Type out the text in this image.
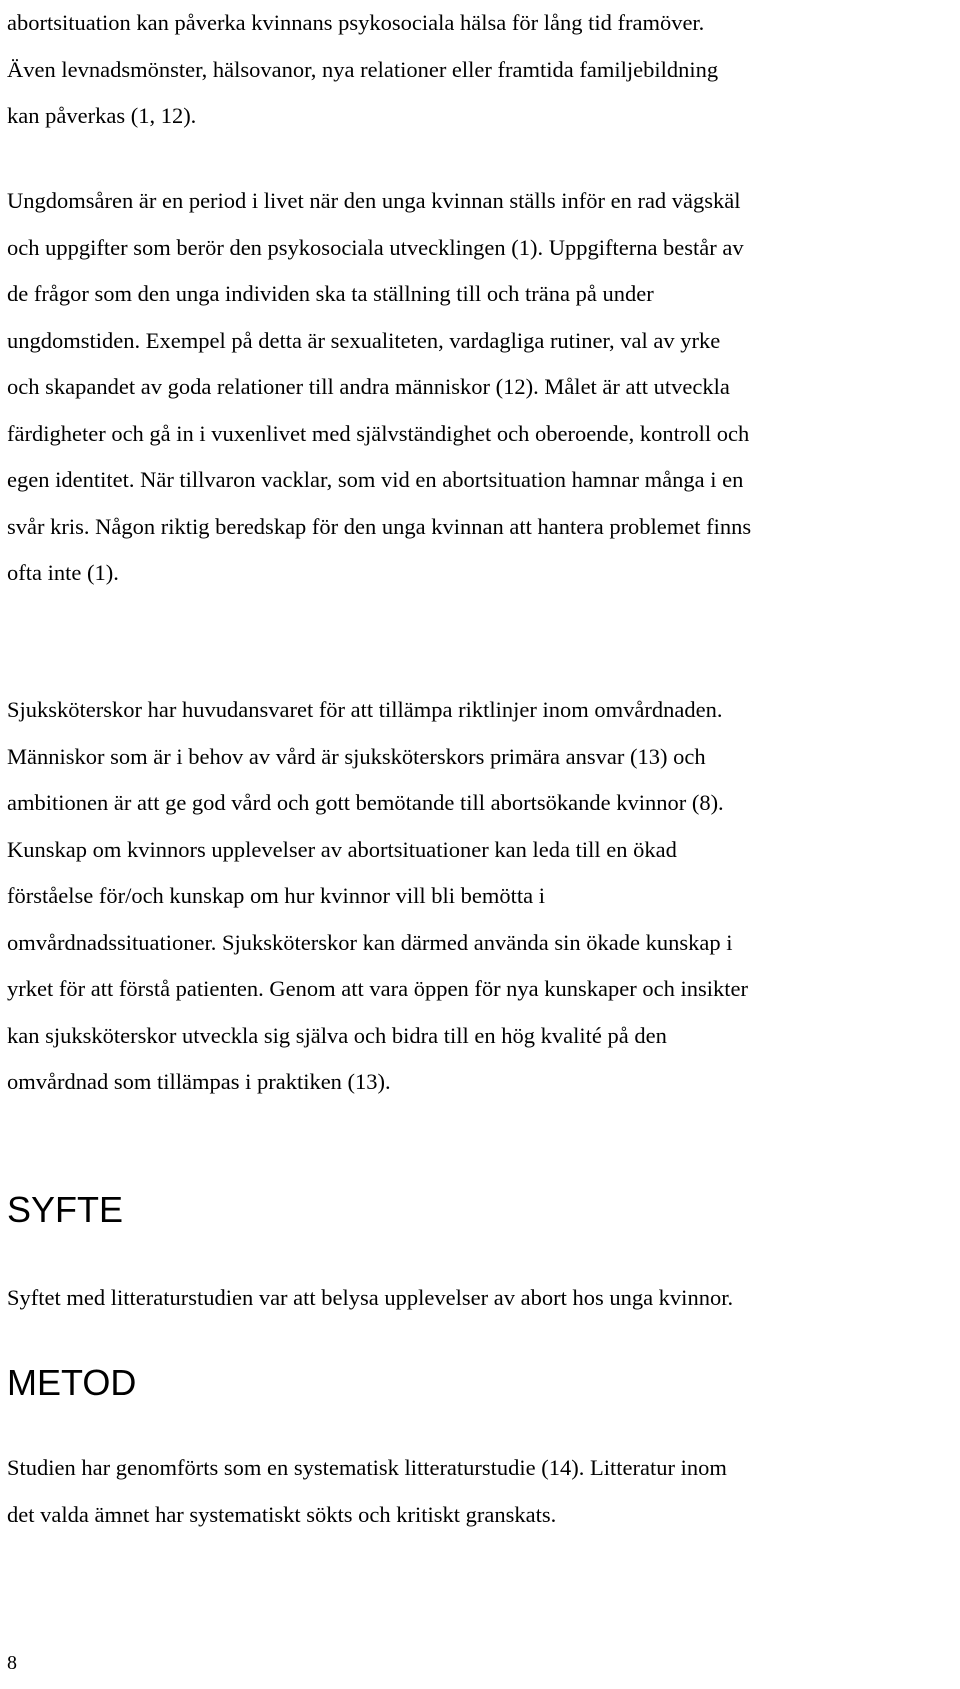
abortsituation kan påverka kvinnans psykosociala hälsa för lång tid framöver.
Även levnadsmönster, hälsovanor, nya relationer eller framtida familjebildning
kan påverkas (1, 12).

Ungdomsåren är en period i livet när den unga kvinnan ställs inför en rad vägskäl
och uppgifter som berör den psykosociala utvecklingen (1). Uppgifterna består av
de frågor som den unga individen ska ta ställning till och träna på under
ungdomstiden. Exempel på detta är sexualiteten, vardagliga rutiner, val av yrke
och skapandet av goda relationer till andra människor (12). Målet är att utveckla
färdigheter och gå in i vuxenlivet med självständighet och oberoende, kontroll och
egen identitet. När tillvaron vacklar, som vid en abortsituation hamnar många i en
svår kris. Någon riktig beredskap för den unga kvinnan att hantera problemet finns
ofta inte (1).

Sjuksköterskor har huvudansvaret för att tillämpa riktlinjer inom omvårdnaden.
Människor som är i behov av vård är sjuksköterskors primära ansvar (13) och
ambitionen är att ge god vård och gott bemötande till abortsökande kvinnor (8).
Kunskap om kvinnors upplevelser av abortsituationer kan leda till en ökad
förståelse för/och kunskap om hur kvinnor vill bli bemötta i
omvårdnadssituationer. Sjuksköterskor kan därmed använda sin ökade kunskap i
yrket för att förstå patienten. Genom att vara öppen för nya kunskaper och insikter
kan sjuksköterskor utveckla sig själva och bidra till en hög kvalité på den
omvårdnad som tillämpas i praktiken (13).

SYFTE

Syftet med litteraturstudien var att belysa upplevelser av abort hos unga kvinnor.

METOD

Studien har genomförts som en systematisk litteraturstudie (14). Litteratur inom
det valda ämnet har systematiskt sökts och kritiskt granskats.

8
